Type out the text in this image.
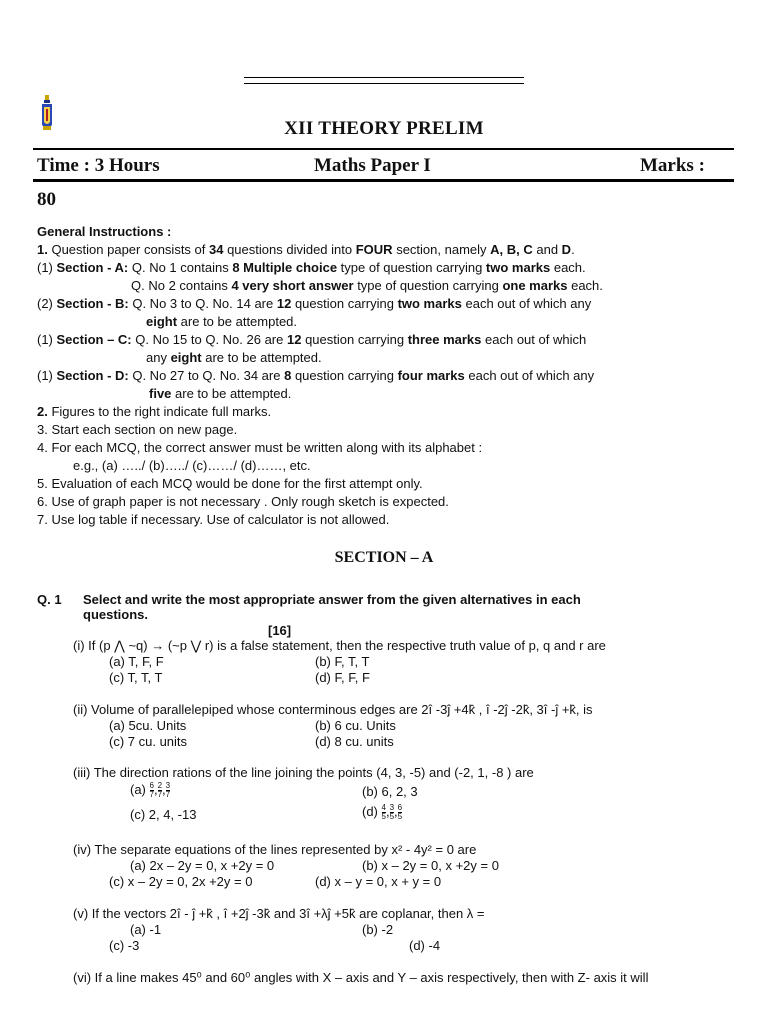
XII THEORY PRELIM
Time : 3 Hours	Maths Paper I	Marks :
80
General Instructions :
1. Question paper consists of 34 questions divided into FOUR section, namely A, B, C and D.
(1) Section - A: Q. No 1 contains 8 Multiple choice type of question carrying two marks each.
Q. No 2 contains 4 very short answer type of question carrying one marks each.
(2) Section - B: Q. No 3 to Q. No. 14 are 12 question carrying two marks each out of which any
eight are to be attempted.
(1) Section – C: Q. No 15 to Q. No. 26 are 12 question carrying three marks each out of which
any eight are to be attempted.
(1) Section - D: Q. No 27 to Q. No. 34 are 8 question carrying four marks each out of which any
five are to be attempted.
2. Figures to the right indicate full marks.
3. Start each section on new page.
4. For each MCQ, the correct answer must be written along with its alphabet :
e.g., (a) …../ (b)…../ (c)……/ (d)……, etc.
5. Evaluation of each MCQ would be done for the first attempt only.
6. Use of graph paper is not necessary . Only rough sketch is expected.
7. Use log table if necessary. Use of calculator is not allowed.
SECTION – A
Q. 1 Select and write the most appropriate answer from the given alternatives in each
questions.
[16]
(i) If (p ⋀ ~q) → (~p ⋁ r) is a false statement, then the respective truth value of p, q and r are
(a) T, F, F	(b) F, T, T
(c) T, T, T	(d) F, F, F
(ii) Volume of parallelepiped whose conterminous edges are 2î -3ĵ +4k̂ , î -2ĵ -2k̂, 3î -ĵ +k̂, is
(a) 5cu. Units	(b) 6 cu. Units
(c) 7 cu. units	(d) 8 cu. units
(iii) The direction rations of the line joining the points (4, 3, -5) and (-2, 1, -8 ) are
$(a) \frac{6}{7}$ , $\frac{2}{7}$ , $\frac{3}{7}$	(b) 6, 2, 3
(c) 2, 4, -13	$(d) \frac{4}{5}$ , $\frac{3}{5}$ , $\frac{6}{5}$
(iv) The separate equations of the lines represented by x² - 4y² = 0 are
(a) 2x – 2y = 0, x +2y = 0	(b) x – 2y = 0, x +2y = 0
(c) x – 2y = 0, 2x +2y = 0	(d) x – y = 0, x + y = 0
(v) If the vectors 2î - ĵ +k̂ , î +2ĵ -3k̂ and 3î +λĵ +5k̂ are coplanar, then λ =
(a) -1	(b) -2
(c) -3	(d) -4
(vi) If a line makes 45⁰ and 60⁰ angles with X – axis and Y – axis respectively, then with Z- axis it will
